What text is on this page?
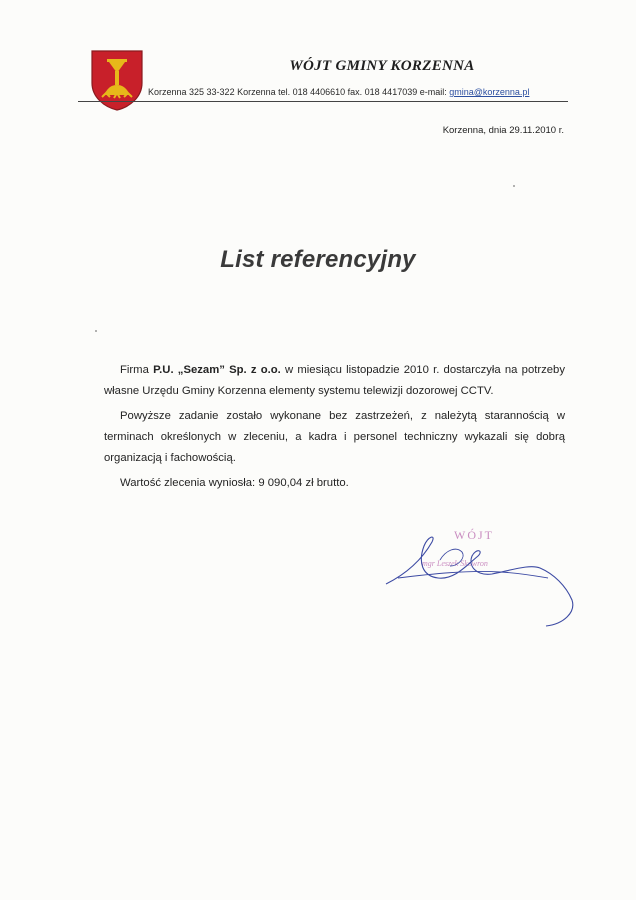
WÓJT GMINY KORZENNA
Korzenna 325 33-322 Korzenna tel. 018 4406610 fax. 018 4417039 e-mail: gmina@korzenna.pl
Korzenna, dnia 29.11.2010 r.
List referencyjny

Firma P.U. „Sezam” Sp. z o.o. w miesiącu listopadzie 2010 r. dostarczyła na potrzeby własne Urzędu Gminy Korzenna elementy systemu telewizji dozorowej CCTV.

Powyższe zadanie zostało wykonane bez zastrzeżeń, z należytą starannością w terminach określonych w zleceniu, a kadra i personel techniczny wykazali się dobrą organizacją i fachowością.

Wartość zlecenia wyniosła: 9 090,04 zł brutto.

WÓJT
mgr Leszek Skowron
